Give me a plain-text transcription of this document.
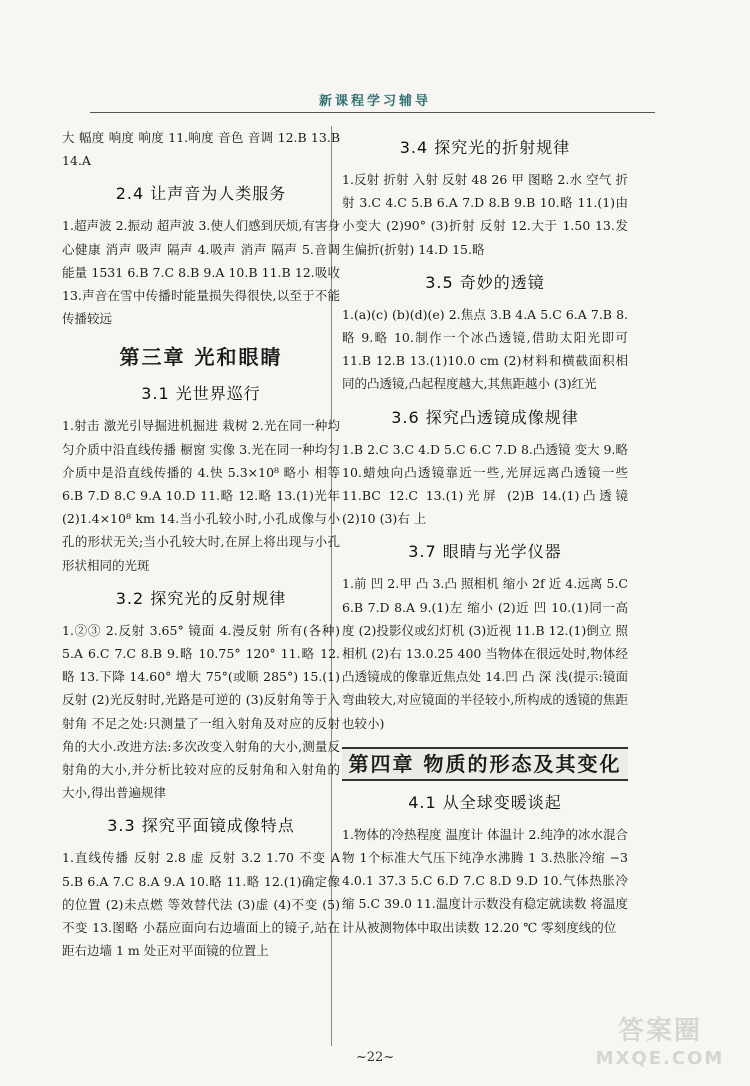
新课程学习辅导

大 幅度 响度 响度 11.响度 音色 音调 12.B 13.B 14.A

2.4 让声音为人类服务

1.超声波 2.振动 超声波 3.使人们感到厌烦,有害身心健康 消声 吸声 隔声 4.吸声 消声 隔声 5.音调 能量 1531 6.B 7.C 8.B 9.A 10.B 11.B 12.吸收 13.声音在雪中传播时能量损失得很快,以至于不能传播较远

第三章 光和眼睛
3.1 光世界巡行

1.射击 激光引导掘进机掘进 栽树 2.光在同一种均匀介质中沿直线传播 橱窗 实像 3.光在同一种均匀介质中是沿直线传播的 4.快 5.3×10⁸ 略小 相等 6.B 7.D 8.C 9.A 10.D 11.略 12.略 13.(1)光年 (2)1.4×10⁸ km 14.当小孔较小时,小孔成像与小孔的形状无关;当小孔较大时,在屏上将出现与小孔形状相同的光斑

3.2 探究光的反射规律

1.②③ 2.反射 3.65° 镜面 4.漫反射 所有(各种) 5.A 6.C 7.C 8.B 9.略 10.75° 120° 11.略 12.略 13.下降 14.60° 增大 75°(或顺 285°) 15.(1)反射 (2)光反射时,光路是可逆的 (3)反射角等于入射角 不足之处:只测量了一组入射角及对应的反射角的大小.改进方法:多次改变入射角的大小,测量反射角的大小,并分析比较对应的反射角和入射角的大小,得出普遍规律

3.3 探究平面镜成像特点

1.直线传播 反射 2.8 虚 反射 3.2 1.70 不变 A 5.B 6.A 7.C 8.A 9.A 10.略 11.略 12.(1)确定像的位置 (2)未点燃 等效替代法 (3)虚 (4)不变 (5)不变 13.图略 小磊应面向右边墙面上的镜子,站在距右边墙 1 m 处正对平面镜的位置上

3.4 探究光的折射规律

1.反射 折射 入射 反射 48 26 甲 图略 2.水 空气 折射 3.C 4.C 5.B 6.A 7.D 8.B 9.B 10.略 11.(1)由小变大 (2)90° (3)折射 反射 12.大于 1.50 13.发生偏折(折射) 14.D 15.略

3.5 奇妙的透镜

1.(a)(c) (b)(d)(e) 2.焦点 3.B 4.A 5.C 6.A 7.B 8.略 9.略 10.制作一个冰凸透镜,借助太阳光即可 11.B 12.B 13.(1)10.0 cm (2)材料和横截面积相同的凸透镜,凸起程度越大,其焦距越小 (3)红光

3.6 探究凸透镜成像规律

1.B 2.C 3.C 4.D 5.C 6.C 7.D 8.凸透镜 变大 9.略 10.蜡烛向凸透镜靠近一些,光屏远离凸透镜一些 11.BC 12.C 13.(1)光屏 (2)B 14.(1)凸透镜 (2)10 (3)右 上

3.7 眼睛与光学仪器

1.前 凹 2.甲 凸 3.凸 照相机 缩小 2f 近 4.远离 5.C 6.B 7.D 8.A 9.(1)左 缩小 (2)近 凹 10.(1)同一高度 (2)投影仪或幻灯机 (3)近视 11.B 12.(1)倒立 照相机 (2)右 13.0.25 400 当物体在很远处时,物体经凸透镜成的像靠近焦点处 14.凹 凸 深 浅(提示:镜面弯曲较大,对应镜面的半径较小,所构成的透镜的焦距也较小)

第四章 物质的形态及其变化
4.1 从全球变暖谈起

1.物体的冷热程度 温度计 体温计 2.纯净的冰水混合物 1个标准大气压下纯净水沸腾 1 3.热胀冷缩 −3 4.0.1 37.3 5.C 6.D 7.C 8.D 9.D 10.气体热胀冷缩 5.C 39.0 11.温度计示数没有稳定就读数 将温度计从被测物体中取出读数 12.20 ℃ 零刻度线的位

~22~
答案圈
MXQE.COM
